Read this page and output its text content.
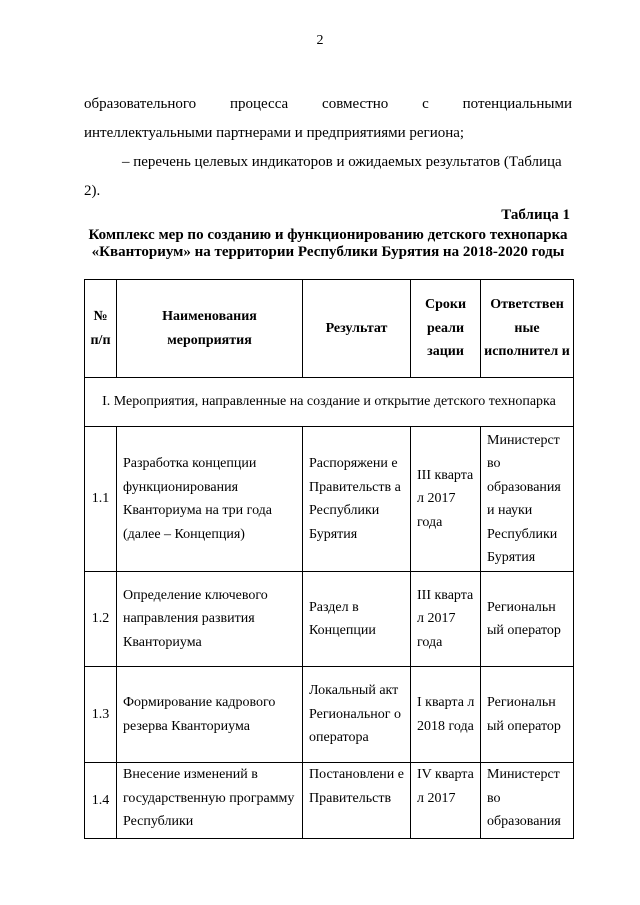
2
образовательного процесса совместно с потенциальными
интеллектуальными партнерами и предприятиями региона;
– перечень целевых индикаторов и ожидаемых результатов (Таблица 2).
Таблица 1
Комплекс мер по созданию и функционированию детского технопарка «Кванториум» на территории Республики Бурятия на 2018-2020 годы
№ п/п	Наименования мероприятия	Результат	Сроки реали зации	Ответствен ные исполнител и
I. Мероприятия, направленные на создание и открытие детского технопарка				
1.1	Разработка концепции функционирования Кванториума на три года (далее – Концепция)	Распоряжени е Правительств а Республики Бурятия	III кварта л 2017 года	Министерст во образования и науки Республики Бурятия
1.2	Определение ключевого направления развития Кванториума	Раздел в Концепции	III кварта л 2017 года	Региональн ый оператор
1.3	Формирование кадрового резерва Кванториума	Локальный акт Региональног о оператора	I кварта л 2018 года	Региональн ый оператор
1.4	Внесение изменений в государственную программу Республики	Постановлени е Правительств	IV кварта л 2017	Министерст во образования
